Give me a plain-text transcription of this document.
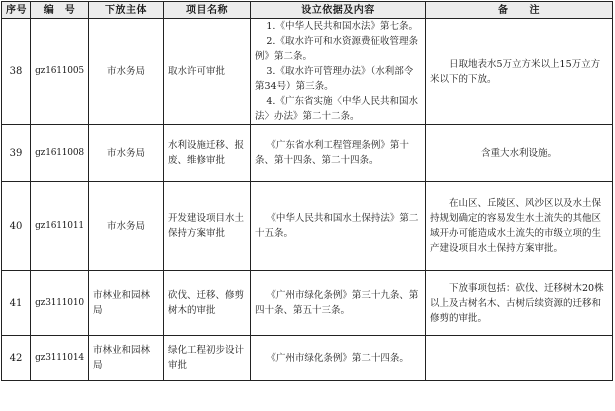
序号	编　号	下放主体	项目名称	设立依据及内容	备　　注
38	gz1611005	市水务局	取水许可审批	1.《中华人民共和国水法》第七条。
2.《取水许可和水资源费征收管理条例》第二条。
3.《取水许可管理办法》（水利部令第34号）第三条。
4.《广东省实施〈中华人民共和国水法〉办法》第二十二条。	日取地表水5万立方米以上15万立方米以下的下放。
39	gz1611008	市水务局	水利设施迁移、报废、维修审批	《广东省水利工程管理条例》第十条、第十四条、第二十四条。	含重大水利设施。
40	gz1611011	市水务局	开发建设项目水土保持方案审批	《中华人民共和国水土保持法》第二十五条。	在山区、丘陵区、风沙区以及水土保持规划确定的容易发生水土流失的其他区域开办可能造成水土流失的市级立项的生产建设项目水土保持方案审批。
41	gz3111010	市林业和园林局	砍伐、迁移、修剪树木的审批	《广州市绿化条例》第三十九条、第四十条、第五十三条。	下放事项包括：砍伐、迁移树木20株以上及古树名木、古树后续资源的迁移和修剪的审批。
42	gz3111014	市林业和园林局	绿化工程初步设计审批	《广州市绿化条例》第二十四条。	
